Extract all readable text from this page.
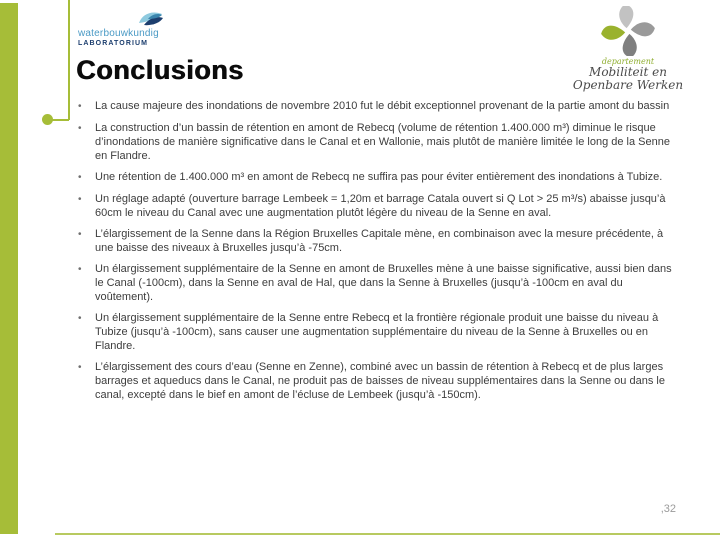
waterbouwkundig
LABORATORIUM
Conclusions	departement
Mobiliteit en
Openbare Werken
•	La cause majeure des inondations de novembre 2010 fut le débit exceptionnel provenant de la partie amont du bassin
•	La construction d’un bassin de rétention en amont de Rebecq (volume de rétention 1.400.000 m³) diminue le risque d’inondations de manière significative dans le Canal et en Wallonie, mais plutôt de manière limitée le long de la Senne en Flandre.
•	Une rétention de 1.400.000 m³ en amont de Rebecq ne suffira pas pour éviter entièrement des inondations à Tubize.
•	Un réglage adapté (ouverture barrage Lembeek = 1,20m et barrage Catala ouvert si Q Lot > 25 m³/s) abaisse jusqu’à 60cm le niveau du Canal avec une augmentation plutôt légère du niveau de la Senne en aval.
•	L’élargissement de la Senne dans la Région Bruxelles Capitale mène, en combinaison avec la mesure précédente, à une baisse des niveaux à Bruxelles jusqu’à -75cm.
•	Un élargissement supplémentaire de la Senne en amont de Bruxelles mène à une baisse significative, aussi bien dans le Canal (-100cm), dans la Senne en aval de Hal, que dans la Senne à Bruxelles (jusqu’à -100cm en aval du voûtement).
•	Un élargissement supplémentaire de la Senne entre Rebecq et la frontière régionale produit une baisse du niveau à Tubize (jusqu’à -100cm), sans causer une augmentation supplémentaire du niveau de la Senne à Bruxelles ou en Flandre.
•	L’élargissement des cours d’eau (Senne en Zenne), combiné avec un bassin de rétention à Rebecq et de plus larges barrages et aqueducs dans le Canal, ne produit pas de baisses de niveau supplémentaires dans la Senne ou dans le canal, excepté dans le bief en amont de l’écluse de Lembeek (jusqu’à -150cm).
,32
